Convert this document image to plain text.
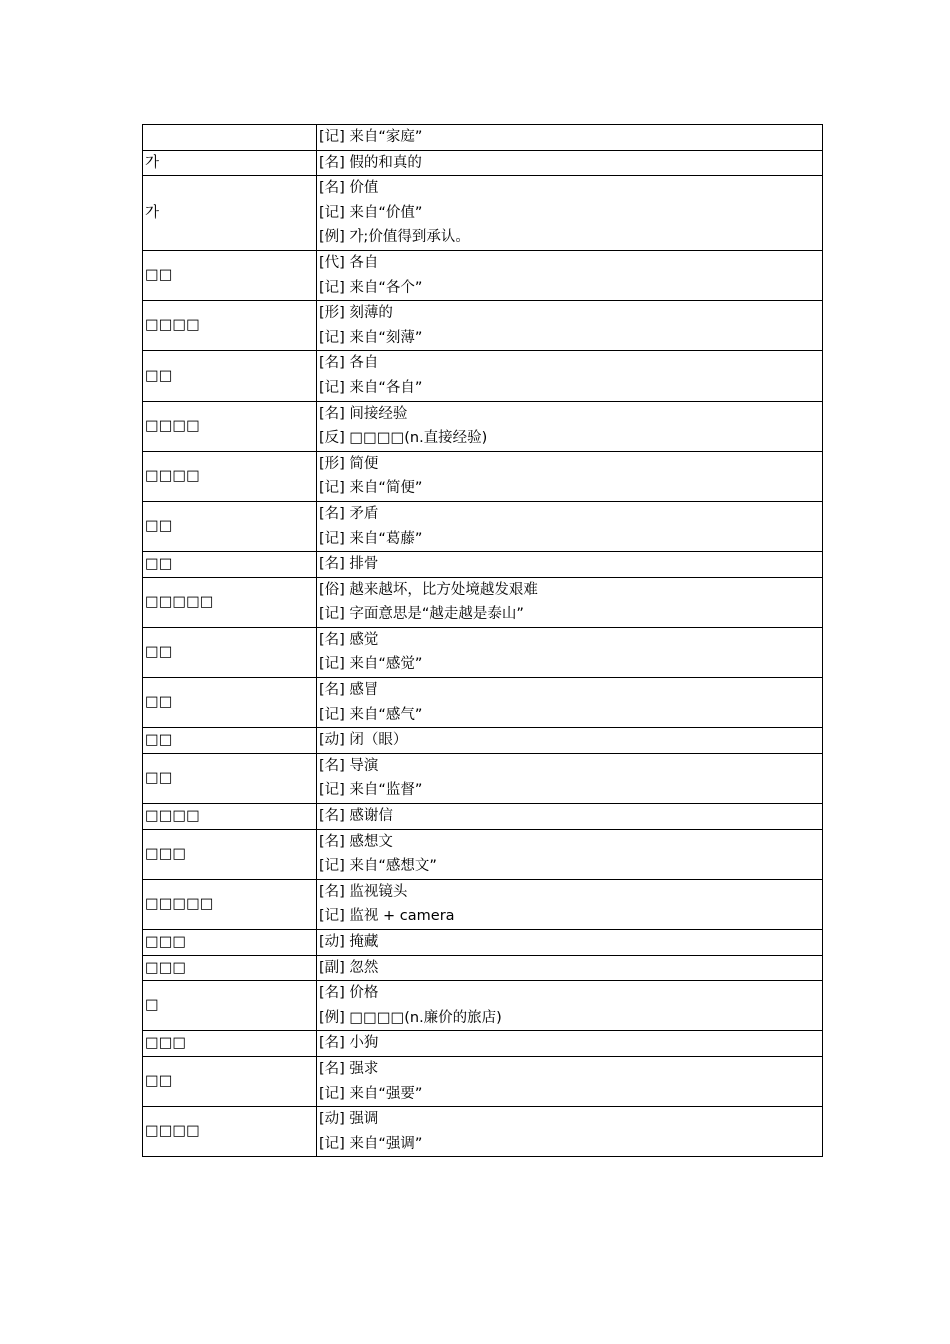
	[记] 来自“家庭”

가	[名] 假的和真的

가	[名] 价值
[记] 来自“价值”
[例] 가;价值得到承认。

□□	[代] 各自
[记] 来自“各个”

□□□□	[形] 刻薄的
[记] 来自“刻薄”

□□	[名] 各自
[记] 来自“各自”

□□□□	[名] 间接经验
[反] □□□□(n.直接经验)

□□□□	[形] 简便
[记] 来自“简便”

□□	[名] 矛盾
[记] 来自“葛藤”

□□	[名] 排骨

□□□□□	[俗] 越来越坏，比方处境越发艰难
[记] 字面意思是“越走越是泰山”

□□	[名] 感觉
[记] 来自“感觉”

□□	[名] 感冒
[记] 来自“感气”

□□	[动] 闭（眼）

□□	[名] 导演
[记] 来自“监督”

□□□□	[名] 感谢信

□□□	[名] 感想文
[记] 来自“感想文”

□□□□□	[名] 监视镜头
[记] 监视 + camera

□□□	[动] 掩藏

□□□	[副] 忽然

□	[名] 价格
[例] □□□□(n.廉价的旅店)

□□□	[名] 小狗

□□	[名] 强求
[记] 来自“强要”

□□□□	[动] 强调
[记] 来自“强调”
